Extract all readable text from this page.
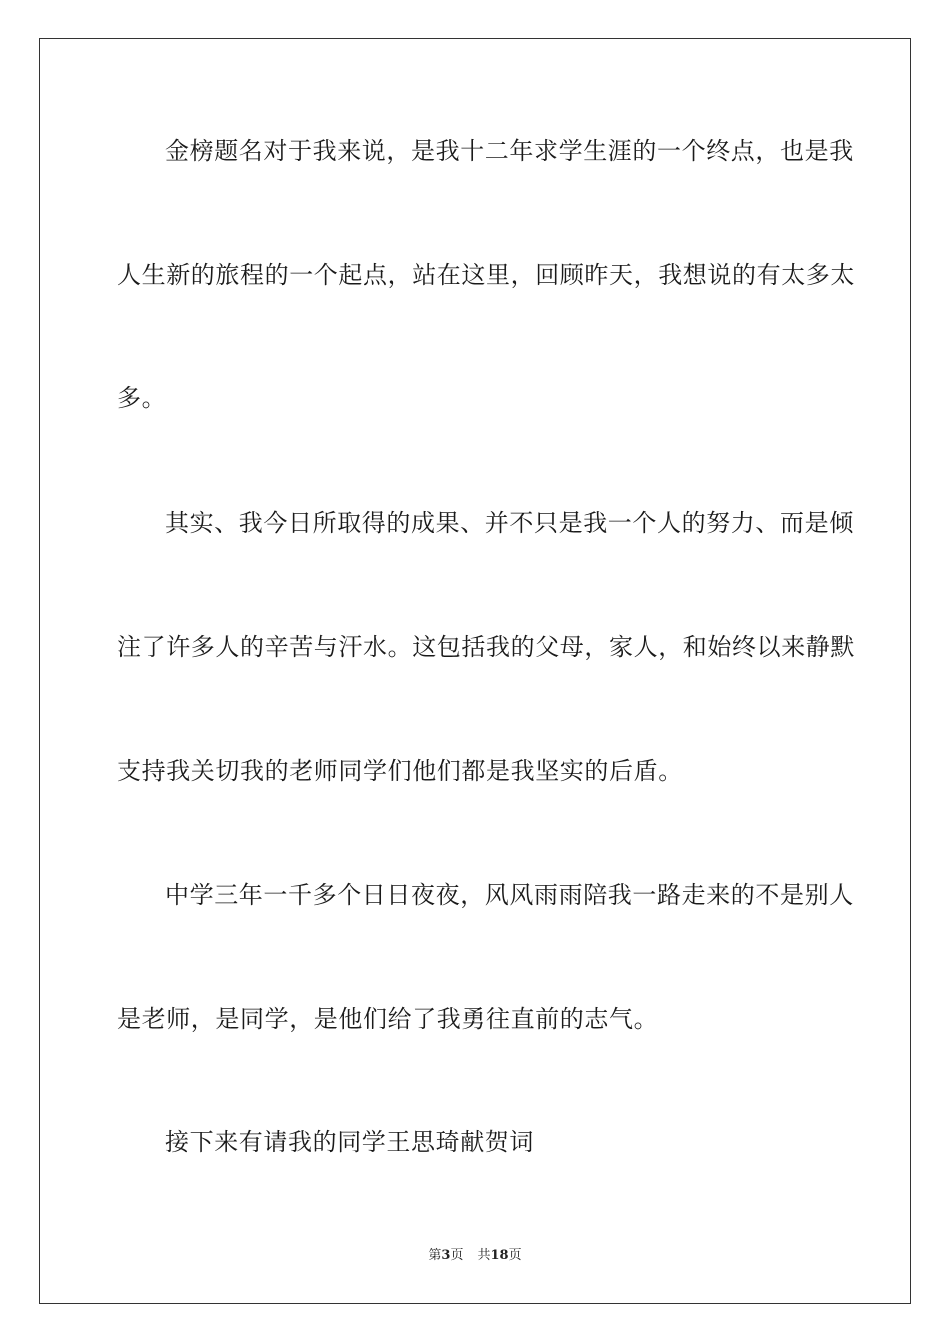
金榜题名对于我来说，是我十二年求学生涯的一个终点，也是我
人生新的旅程的一个起点，站在这里，回顾昨天，我想说的有太多太
多。
其实、我今日所取得的成果、并不只是我一个人的努力、而是倾
注了许多人的辛苦与汗水。这包括我的父母，家人，和始终以来静默
支持我关切我的老师同学们他们都是我坚实的后盾。
中学三年一千多个日日夜夜，风风雨雨陪我一路走来的不是别人
是老师，是同学，是他们给了我勇往直前的志气。
接下来有请我的同学王思琦献贺词
第3页 共18页
